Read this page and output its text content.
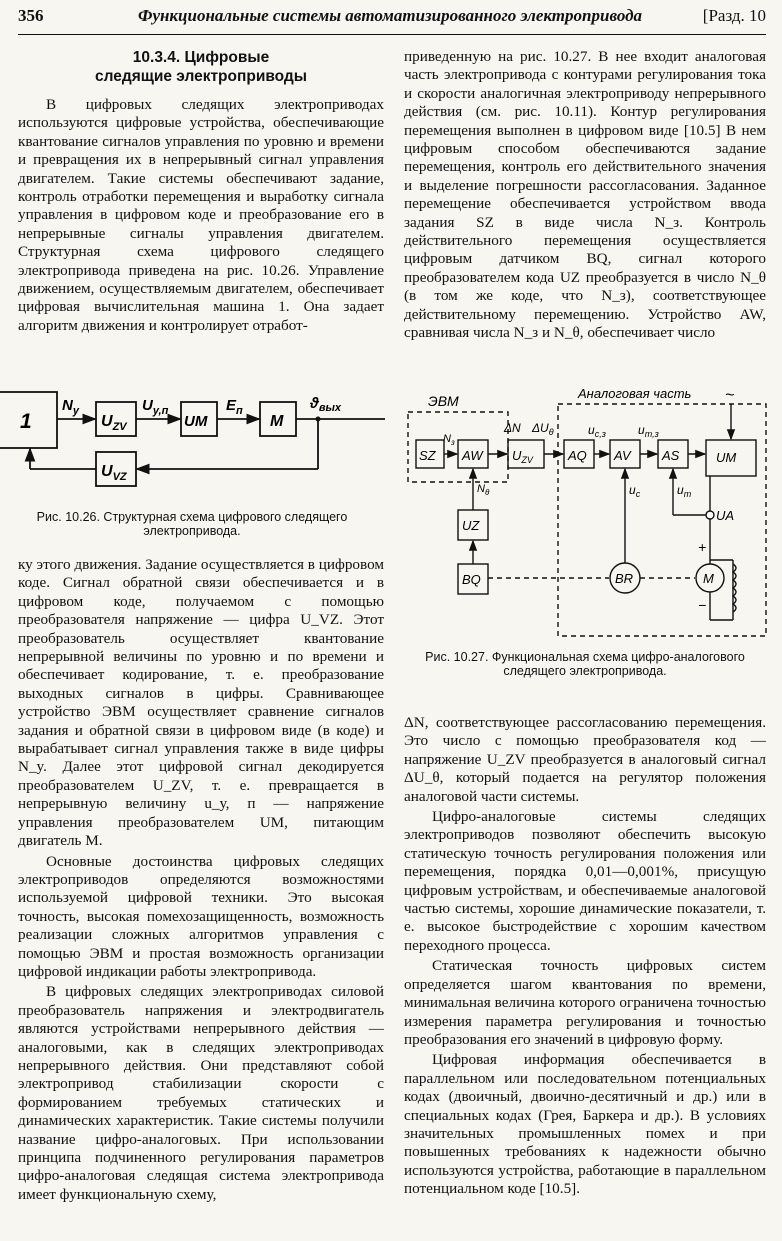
356	Функциональные системы автоматизированного электропривода	[Разд. 10
10.3.4. Цифровые
следящие электроприводы

В цифровых следящих электроприводах используются цифровые устройства, обеспечивающие квантование сигналов управления по уровню и времени и превращения их в непрерывный сигнал управления двигателем. Такие системы обеспечивают задание, контроль отработки перемещения и выработку сигнала управления в цифровом коде и преобразование его в непрерывные сигналы управления двигателем. Структурная схема цифрового следящего электропривода приведена на рис. 10.26. Управление движением, осуществляемым двигателем, обеспечивает цифровая вычислительная машина 1. Она задает алгоритм движения и контролирует отработ-

1	$U_{ZV}$	UM	M
$U_{VZ}$
$N_y$	$U_{y,п}$	$E_п$	$ϑ_{вых}$
Рис. 10.26. Структурная схема цифрового следящего электропривода.

ку этого движения. Задание осуществляется в цифровом коде. Сигнал обратной связи обеспечивается и в цифровом коде, получаемом с помощью преобразователя напряжение — цифра U_VZ. Этот преобразователь осуществляет квантование непрерывной величины по уровню и по времени и обеспечивает кодирование, т. е. преобразование выходных сигналов в цифры. Сравнивающее устройство ЭВМ осуществляет сравнение сигналов задания и обратной связи в цифровом виде (в коде) и вырабатывает сигнал управления также в виде цифры N_y. Далее этот цифровой сигнал декодируется преобразователем U_ZV, т. е. превращается в непрерывную величину u_у, п — напряжение управления преобразователем UM, питающим двигатель M.

Основные достоинства цифровых следящих электроприводов определяются возможностями используемой цифровой техники. Это высокая точность, высокая помехозащищенность, возможность реализации сложных алгоритмов управления с помощью ЭВМ и простая возможность организации цифровой индикации работы электропривода.

В цифровых следящих электроприводах силовой преобразователь напряжения и электродвигатель являются устройствами непрерывного действия — аналоговыми, как в следящих электроприводах непрерывного действия. Они представляют собой электропривод стабилизации скорости с формированием требуемых статических и динамических характеристик. Такие системы получили название цифро-аналоговых. При использовании принципа подчиненного регулирования параметров цифро-аналоговая следящая система электропривода имеет функциональную схему,

приведенную на рис. 10.27. В нее входит аналоговая часть электропривода с контурами регулирования тока и скорости аналогичная электроприводу непрерывного действия (см. рис. 10.11). Контур регулирования перемещения выполнен в цифровом виде [10.5] В нем цифровым способом обеспечиваются задание перемещения, контроль его действительного значения и выделение погрешности рассогласования. Заданное перемещение обеспечивается устройством ввода задания SZ в виде числа N_з. Контроль действительного перемещения осуществляется цифровым датчиком BQ, сигнал которого преобразователем кода UZ преобразуется в число N_θ (в том же коде, что N_з), соответствующее действительному перемещению. Устройство AW, сравнивая числа N_з и N_θ, обеспечивает число

ЭВМ	Аналоговая часть
SZ AW $U_{ZV}$	AQ AV AS	UM
UZ
BQ	BR	M
UA
~
+
−
$N_з$
$N_\theta$
ΔN $\Delta U_\theta$	$u_{с,з}$	$u_{т,з}$
$u_с$	$u_т$
Рис. 10.27. Функциональная схема цифро-аналогового следящего электропривода.

ΔN, соответствующее рассогласованию перемещения. Это число с помощью преобразователя код — напряжение U_ZV преобразуется в аналоговый сигнал ΔU_θ, который подается на регулятор положения аналоговой части системы.

Цифро-аналоговые системы следящих электроприводов позволяют обеспечить высокую статическую точность регулирования положения или перемещения, порядка 0,01—0,001%, присущую цифровым устройствам, и обеспечиваемые аналоговой частью системы, хорошие динамические показатели, т. е. высокое быстродействие с хорошим качеством переходного процесса.

Статическая точность цифровых систем определяется шагом квантования по времени, минимальная величина которого ограничена точностью измерения параметра регулирования и точностью преобразования его значений в цифровую форму.

Цифровая информация обеспечивается в параллельном или последовательном потенциальных кодах (двоичный, двоично-десятичный и др.) или в специальных кодах (Грея, Баркера и др.). В условиях значительных промышленных помех и при повышенных требованиях к надежности обычно используются устройства, работающие в параллельном потенциальном коде [10.5].
